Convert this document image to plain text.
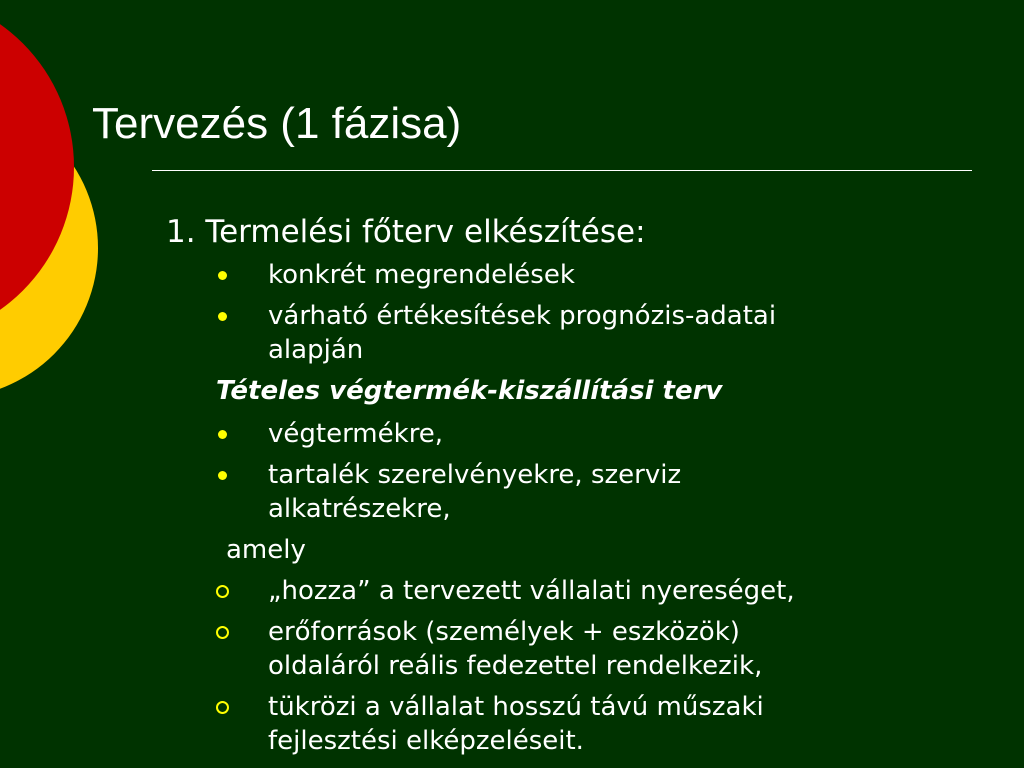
Tervezés (1 fázisa)
1. Termelési főterv elkészítése:
konkrét megrendelések
várható értékesítések prognózis-adatai
alapján
Tételes végtermék-kiszállítási terv
végtermékre,
tartalék szerelvényekre, szerviz
alkatrészekre,
amely
„hozza” a tervezett vállalati nyereséget,
erőforrások (személyek + eszközök)
oldaláról reális fedezettel rendelkezik,
tükrözi a vállalat hosszú távú műszaki
fejlesztési elképzeléseit.
